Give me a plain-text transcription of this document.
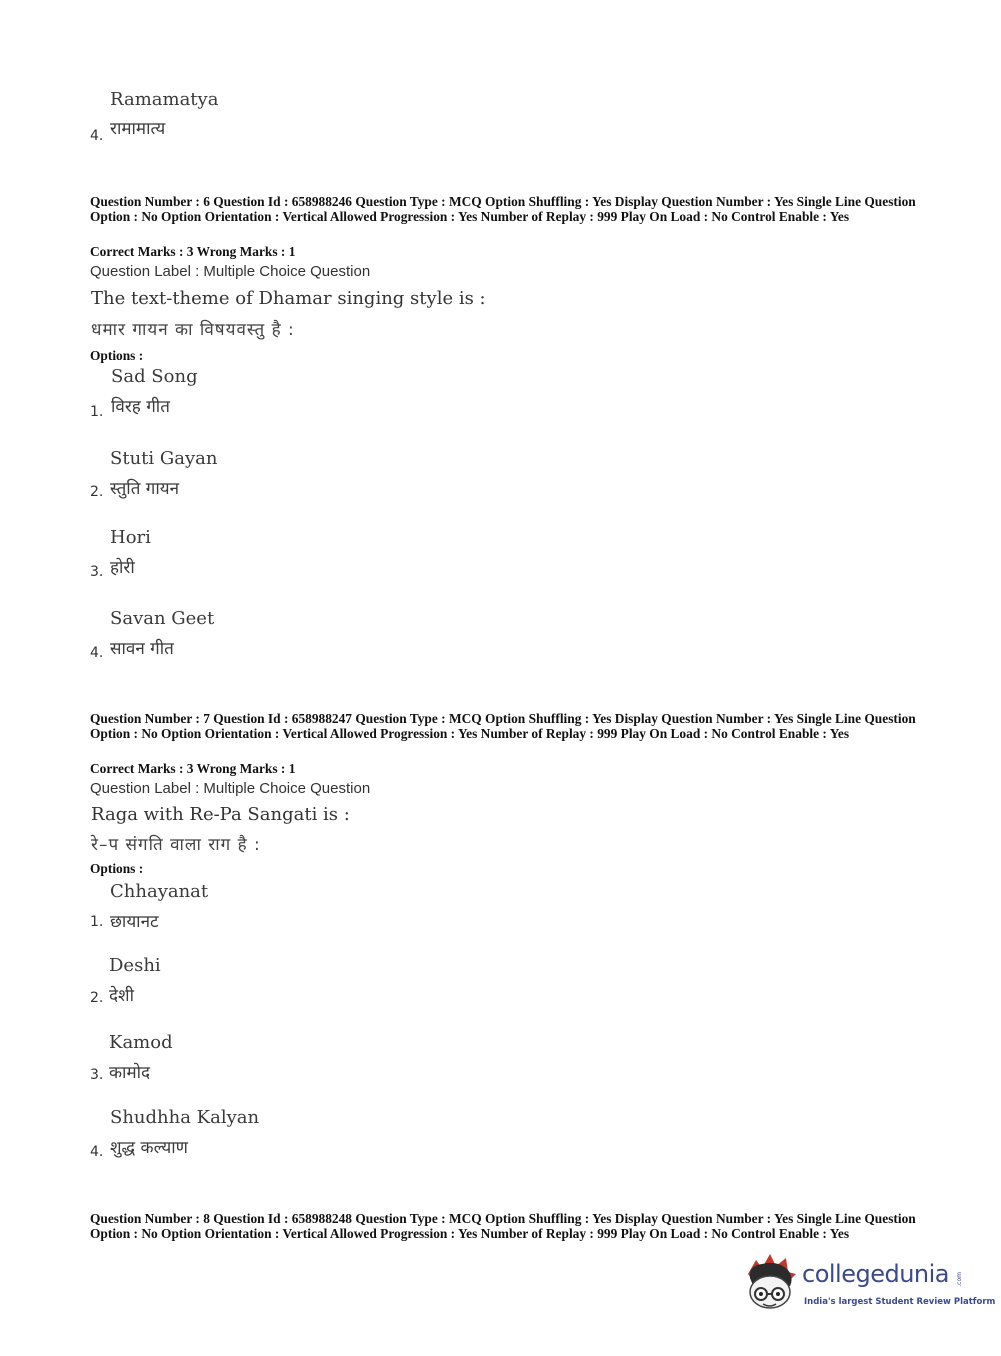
Ramamatya
4. रामामात्य
Question Number : 6 Question Id : 658988246 Question Type : MCQ Option Shuffling : Yes Display Question Number : Yes Single Line Question Option : No Option Orientation : Vertical Allowed Progression : Yes Number of Replay : 999 Play On Load : No Control Enable : Yes
Correct Marks : 3 Wrong Marks : 1
Question Label : Multiple Choice Question
The text-theme of Dhamar singing style is :
धमार गायन का विषयवस्तु है :
Options :
Sad Song
1. विरह गीत
Stuti Gayan
2. स्तुति गायन
Hori
3. होरी
Savan Geet
4. सावन गीत
Question Number : 7 Question Id : 658988247 Question Type : MCQ Option Shuffling : Yes Display Question Number : Yes Single Line Question Option : No Option Orientation : Vertical Allowed Progression : Yes Number of Replay : 999 Play On Load : No Control Enable : Yes
Correct Marks : 3 Wrong Marks : 1
Question Label : Multiple Choice Question
Raga with Re-Pa Sangati is :
रे–प संगति वाला राग है :
Options :
Chhayanat
1. छायानट
Deshi
2. देशी
Kamod
3. कामोद
Shudhha Kalyan
4. शुद्ध कल्याण
Question Number : 8 Question Id : 658988248 Question Type : MCQ Option Shuffling : Yes Display Question Number : Yes Single Line Question Option : No Option Orientation : Vertical Allowed Progression : Yes Number of Replay : 999 Play On Load : No Control Enable : Yes
collegedunia .com
India's largest Student Review Platform
